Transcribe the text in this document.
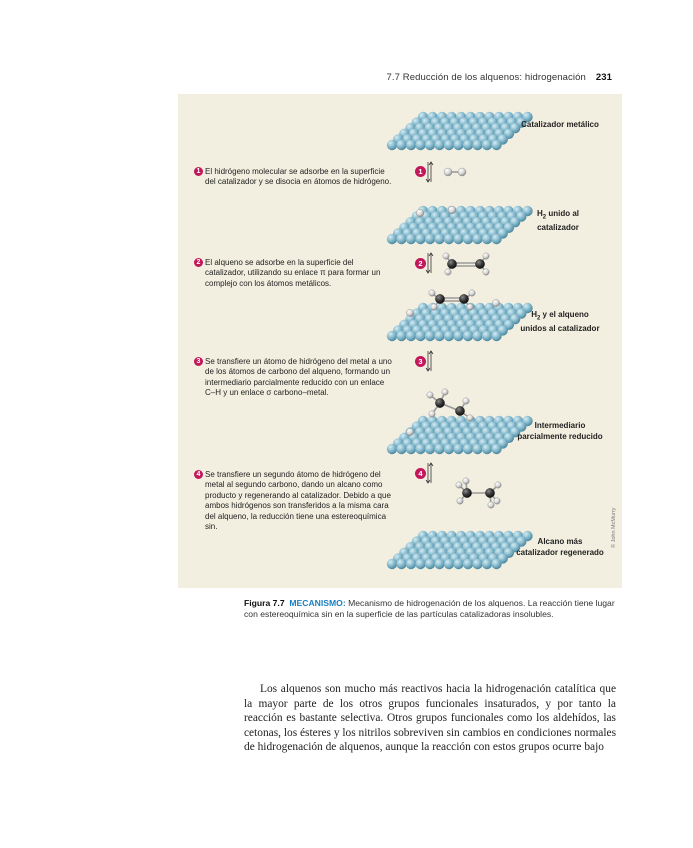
7.7 Reducción de los alquenos: hidrogenación 231
1 El hidrógeno molecular se adsorbe en la superficie del catalizador y se disocia en átomos de hidrógeno.
2 El alqueno se adsorbe en la superficie del catalizador, utilizando su enlace π para formar un complejo con los átomos metálicos.
3 Se transfiere un átomo de hidrógeno del metal a uno de los átomos de carbono del alqueno, formando un intermediario parcialmente reducido con un enlace C–H y un enlace σ carbono–metal.
4 Se transfiere un segundo átomo de hidrógeno del metal al segundo carbono, dando un alcano como producto y regenerando al catalizador. Debido a que ambos hidrógenos son transferidos a la misma cara del alqueno, la reducción tiene una estereoquímica sin.
1
2
3
4
Catalizador metálico
$H_2$ unido al
catalizador
$H_2$ y el alqueno
unidos al catalizador
Intermediario
parcialmente reducido
Alcano más
catalizador regenerado
© John McMurry
Figura 7.7 MECANISMO: Mecanismo de hidrogenación de los alquenos. La reacción tiene lugar con estereoquímica sin en la superficie de las partículas catalizadoras insolubles.

Los alquenos son mucho más reactivos hacia la hidrogenación catalítica que la mayor parte de los otros grupos funcionales insaturados, y por tanto la reacción es bastante selectiva. Otros grupos funcionales como los aldehídos, las cetonas, los ésteres y los nitrilos sobreviven sin cambios en condiciones normales de hidrogenación de alquenos, aunque la reacción con estos grupos ocurre bajo
